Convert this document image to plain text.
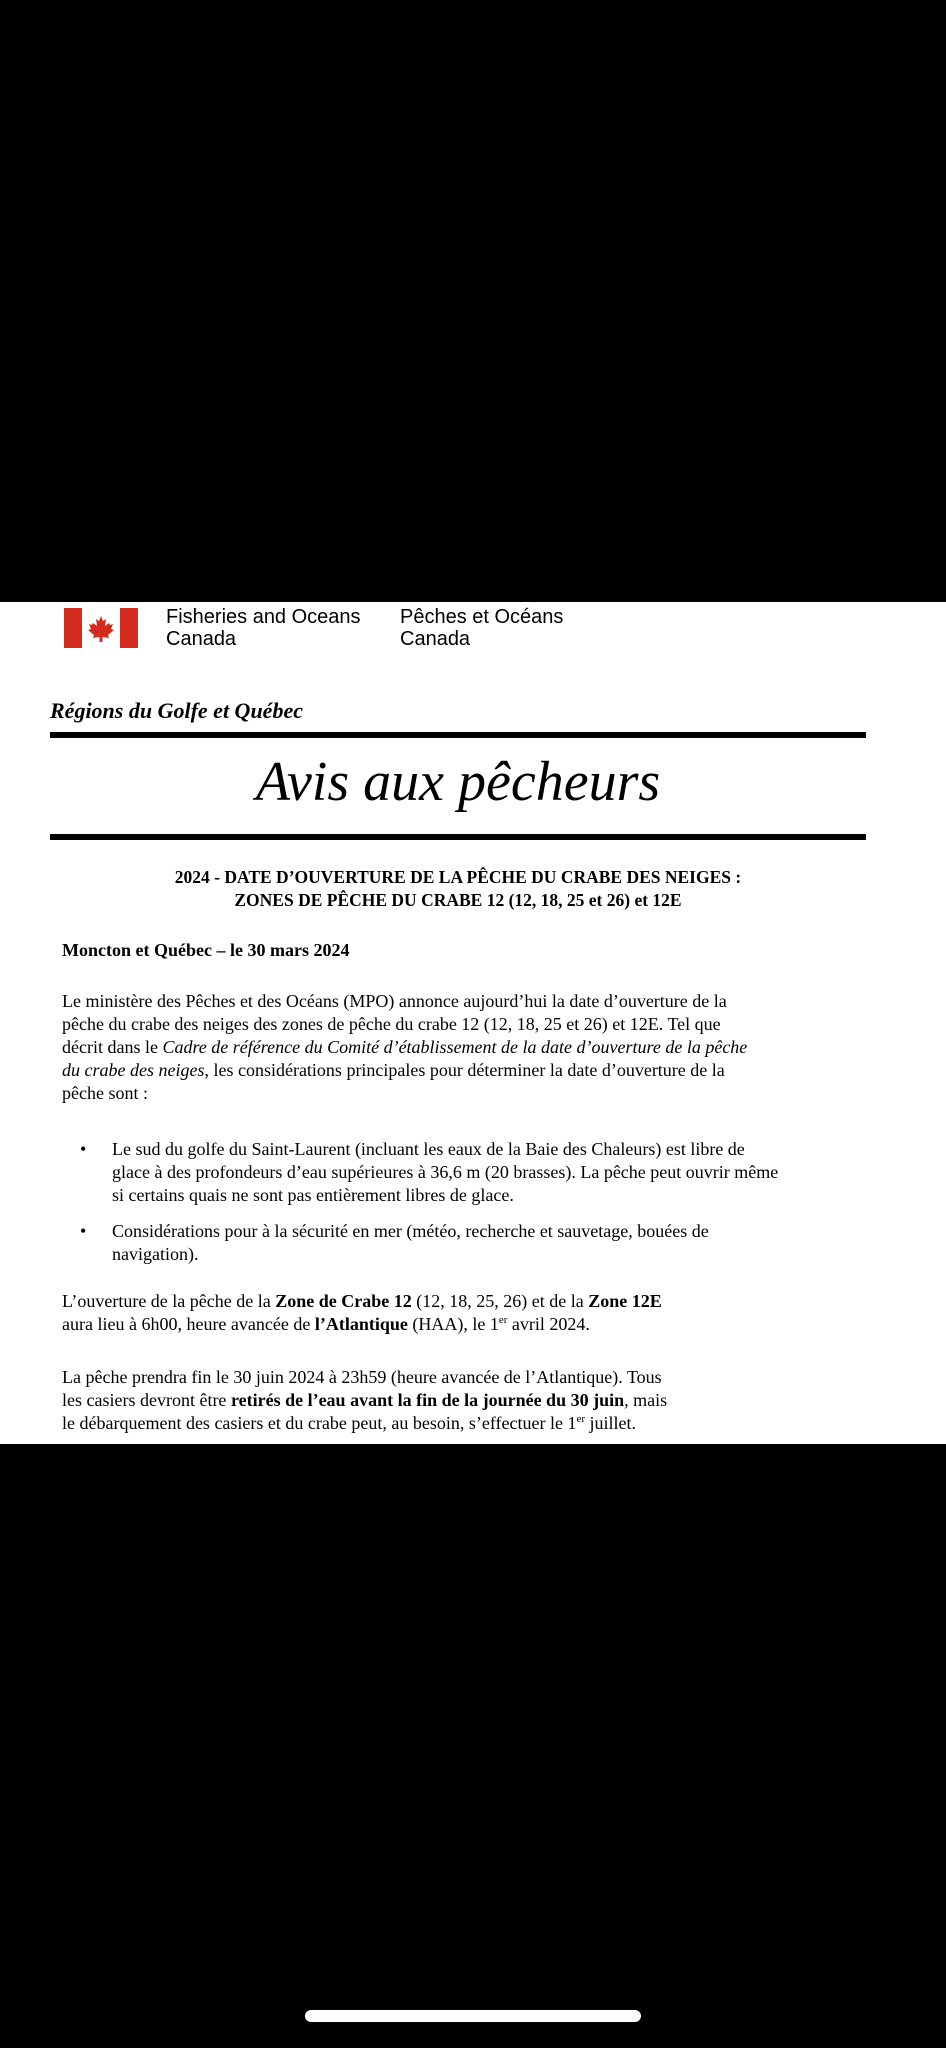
Fisheries and Oceans
Canada
Pêches et Océans
Canada
Régions du Golfe et Québec
Avis aux pêcheurs
2024 - DATE D’OUVERTURE DE LA PÊCHE DU CRABE DES NEIGES :
ZONES DE PÊCHE DU CRABE 12 (12, 18, 25 et 26) et 12E
Moncton et Québec – le 30 mars 2024
Le ministère des Pêches et des Océans (MPO) annonce aujourd’hui la date d’ouverture de la
pêche du crabe des neiges des zones de pêche du crabe 12 (12, 18, 25 et 26) et 12E. Tel que
décrit dans le Cadre de référence du Comité d’établissement de la date d’ouverture de la pêche
du crabe des neiges, les considérations principales pour déterminer la date d’ouverture de la
pêche sont :
•	Le sud du golfe du Saint-Laurent (incluant les eaux de la Baie des Chaleurs) est libre de
glace à des profondeurs d’eau supérieures à 36,6 m (20 brasses). La pêche peut ouvrir même
si certains quais ne sont pas entièrement libres de glace.
•	Considérations pour à la sécurité en mer (météo, recherche et sauvetage, bouées de
navigation).
L’ouverture de la pêche de la Zone de Crabe 12 (12, 18, 25, 26) et de la Zone 12E
aura lieu à 6h00, heure avancée de l’Atlantique (HAA), le 1er avril 2024.
La pêche prendra fin le 30 juin 2024 à 23h59 (heure avancée de l’Atlantique). Tous
les casiers devront être retirés de l’eau avant la fin de la journée du 30 juin, mais
le débarquement des casiers et du crabe peut, au besoin, s’effectuer le 1er juillet.
